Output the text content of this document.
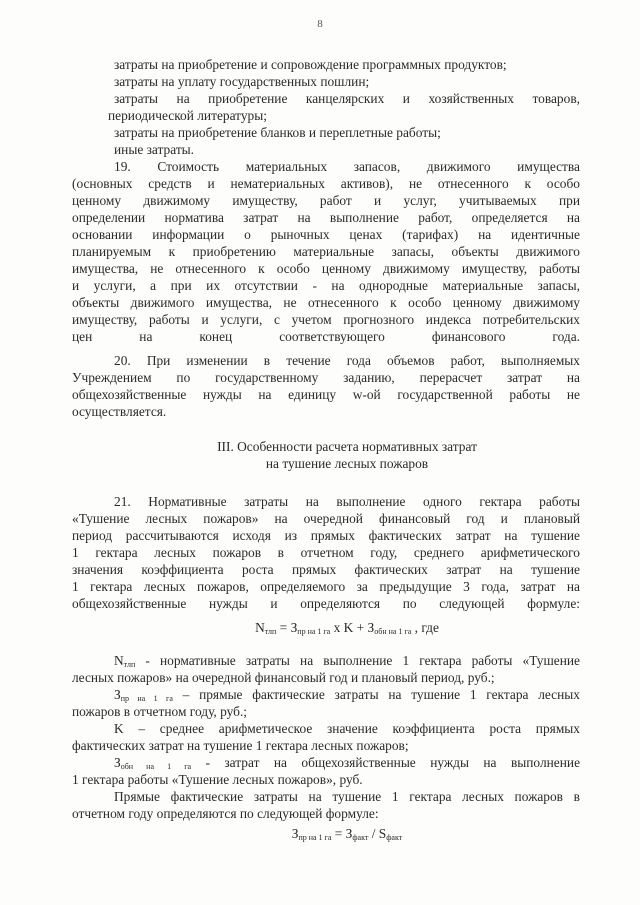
8
затраты на приобретение и сопровождение программных продуктов;
затраты на уплату государственных пошлин;
затраты на приобретение канцелярских и хозяйственных товаров,
периодической литературы;
затраты на приобретение бланков и переплетные работы;
иные затраты.
19. Стоимость материальных запасов, движимого имущества
(основных средств и нематериальных активов), не отнесенного к особо
ценному движимому имуществу, работ и услуг, учитываемых при
определении норматива затрат на выполнение работ, определяется на
основании информации о рыночных ценах (тарифах) на идентичные
планируемым к приобретению материальные запасы, объекты движимого
имущества, не отнесенного к особо ценному движимому имуществу, работы
и услуги, а при их отсутствии - на однородные материальные запасы,
объекты движимого имущества, не отнесенного к особо ценному движимому
имуществу, работы и услуги, с учетом прогнозного индекса потребительских
цен на конец соответствующего финансового года.
20. При изменении в течение года объемов работ, выполняемых
Учреждением по государственному заданию, перерасчет затрат на
общехозяйственные нужды на единицу w-ой государственной работы не
осуществляется.
III. Особенности расчета нормативных затрат
на тушение лесных пожаров
21. Нормативные затраты на выполнение одного гектара работы
«Тушение лесных пожаров» на очередной финансовый год и плановый
период рассчитываются исходя из прямых фактических затрат на тушение
1 гектара лесных пожаров в отчетном году, среднего арифметического
значения коэффициента роста прямых фактических затрат на тушение
1 гектара лесных пожаров, определяемого за предыдущие 3 года, затрат на
общехозяйственные нужды и определяются по следующей формуле:
$N_{тлп} = З_{пр на 1 га}$ х $K + З_{обн на 1 га}$ , где
$N_{тлп}$ - нормативные затраты на выполнение 1 гектара работы «Тушение
лесных пожаров» на очередной финансовый год и плановый период, руб.;
$З_{пр на 1 га}$ – прямые фактические затраты на тушение 1 гектара лесных
пожаров в отчетном году, руб.;
K – среднее арифметическое значение коэффициента роста прямых
фактических затрат на тушение 1 гектара лесных пожаров;
$З_{обн на 1 га}$ - затрат на общехозяйственные нужды на выполнение
1 гектара работы «Тушение лесных пожаров», руб.
Прямые фактические затраты на тушение 1 гектара лесных пожаров в
отчетном году определяются по следующей формуле:
$З_{пр на 1 га} = З_{факт} / S_{факт}$
